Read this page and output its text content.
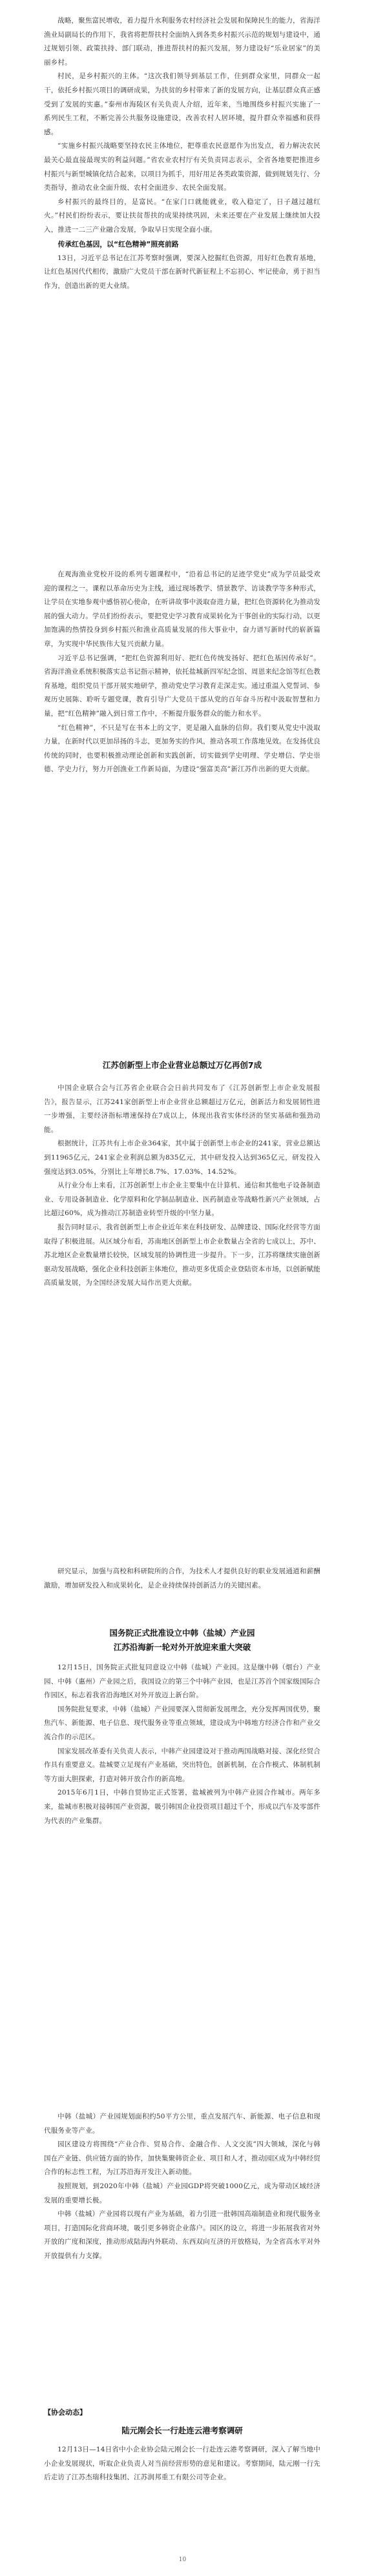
战略，聚焦富民增收，着力提升水利服务农村经济社会发展和保障民生的能力，省海洋渔业局副局长的作用下，我省将把帮扶村全面纳入到各类乡村振兴示范的规划与建设中，通过规划引领、政策扶持、部门联动，推进帮扶村的振兴发展，努力建设好“乐业居家”的美丽乡村。

村民，是乡村振兴的主体。“这次我们领导到基层工作，住到群众家里，同群众一起干，依托乡村振兴项目的调研成果，为扶贫的乡村带来了新的发展方向，让基层群众真正感受到了发展的实惠。”泰州市海陵区有关负责人介绍，近年来，当地围绕乡村振兴实施了一系列民生工程，不断完善公共服务设施建设，改善农村人居环境，提升群众幸福感和获得感。

“实施乡村振兴战略要坚持农民主体地位，把尊重农民意愿作为出发点，着力解决农民最关心最直接最现实的利益问题。”省农业农村厅有关负责同志表示，全省各地要把推进乡村振兴与新型城镇化结合起来，以项目为抓手，用好用足各类政策资源，做到规划先行、分类指导，推动农业全面升级、农村全面进步、农民全面发展。

乡村振兴的最终目的，是富民。“在家门口就能就业，收入稳定了，日子越过越红火。”村民们纷纷表示，要让扶贫帮扶的成果持续巩固，未来还要在产业发展上继续加大投入，推进一二三产业融合发展，争取早日实现全面小康。

传承红色基因，以“红色精神”照亮前路

13日，习近平总书记在江苏考察时强调，要深入挖掘红色资源，用好红色教育基地，让红色基因代代相传，激励广大党员干部在新时代新征程上不忘初心、牢记使命，勇于担当作为，创造出新的更大业绩。

在观海渔业党校开设的系列专题课程中，“沿着总书记的足迹学党史”成为学员最受欢迎的课程之一。课程以革命历史为主线，通过现场教学、情景教学、访谈教学等多种形式，让学员在实地参观中感悟初心使命，在听讲故事中汲取奋进力量，把红色资源转化为推动发展的强大动力。学员们纷纷表示，要把党史学习教育成果转化为干事创业的实际行动，以更加饱满的热情投身到乡村振兴和渔业高质量发展的伟大事业中，奋力谱写新时代的崭新篇章，为实现中华民族伟大复兴贡献力量。

习近平总书记强调，“把红色资源利用好、把红色传统发扬好、把红色基因传承好”。省海洋渔业系统积极落实总书记指示精神，依托盐城新四军纪念馆、周恩来纪念馆等红色教育基地，组织党员干部开展实地研学，推动党史学习教育走深走实。通过重温入党誓词、参观历史展陈、聆听专题党课，教育引导广大党员干部从党的百年奋斗历程中汲取智慧和力量，把“红色精神”融入到日常工作中，不断提升服务群众的能力和水平。

“红色精神”，不只是写在书本上的文字，更是融入血脉的信仰。我们要从党史中汲取力量，在新时代以更加昂扬的斗志，更加务实的作风，推动各项工作落地见效。在发扬优良传统的同时，也要积极推动理论创新和实践创新，切实做到学史明理、学史增信、学史崇德、学史力行，努力开创渔业工作新局面，为建设“强富美高”新江苏作出新的更大贡献。

江苏创新型上市企业营业总额过万亿再创7成

中国企业联合会与江苏省企业联合会日前共同发布了《江苏创新型上市企业发展报告》，报告显示，江苏241家创新型上市企业营业总额超过万亿元，创新活力和发展韧性进一步增强，主要经济指标增速保持在7成以上，体现出我省实体经济的坚实基础和强劲动能。

根据统计，江苏共有上市企业364家，其中属于创新型上市企业的241家，营业总额达到11965亿元，241家企业利润总额为835亿元，其中研发投入达到365亿元，研发投入强度达到3.05%，分别比上年增长8.7%、17.03%、14.52%。

从行业分布上来看，江苏创新型上市企业主要集中在计算机、通信和其他电子设备制造业、专用设备制造业、化学原料和化学制品制造业、医药制造业等战略性新兴产业领域，占比超过60%，成为推动江苏制造业转型升级的中坚力量。

报告同时显示，我省创新型上市企业近年来在科技研发、品牌建设、国际化经营等方面取得了积极进展。从区域分布看，苏南地区创新型上市企业数量占全省的七成以上，苏中、苏北地区企业数量增长较快，区域发展的协调性进一步提升。下一步，江苏将继续实施创新驱动发展战略，强化企业科技创新主体地位，推动更多优质企业登陆资本市场，以创新赋能高质量发展，为全国经济发展大局作出更大贡献。

研究显示，加强与高校和科研院所的合作，为技术人才提供良好的职业发展通道和薪酬激励，增加研发投入和成果转化，是企业持续保持创新活力的关键因素。

国务院正式批准设立中韩（盐城）产业园
江苏沿海新一轮对外开放迎来重大突破

12月15日，国务院正式批复同意设立中韩（盐城）产业园。这是继中韩（烟台）产业园、中韩（惠州）产业园之后，我国设立的第三个中韩产业园，也是江苏首个国家级国际合作园区，标志着我省沿海地区对外开放迈上新台阶。

国务院批复要求，中韩（盐城）产业园要深入贯彻新发展理念，充分发挥两国优势，聚焦汽车、新能源、电子信息、现代服务业等重点领域，建设成为中韩地方经济合作和产业交流合作的示范区。

国家发展改革委有关负责人表示，中韩产业园建设对于推动两国战略对接、深化经贸合作具有重要意义。盐城要立足现有产业基础，突出特色，创新机制，在合作模式、体制机制等方面大胆探索，打造对韩开放合作的新高地。

2015年6月1日，中韩自贸协定正式签署，盐城被列为中韩产业园合作城市。两年多来，盐城市积极对接韩国产业资源，吸引韩国企业投资项目超过千个，形成以汽车及零部件为代表的产业集群。

中韩（盐城）产业园规划面积约50平方公里，重点发展汽车、新能源、电子信息和现代服务业等产业。

园区建设方将围绕“产业合作、贸易合作、金融合作、人文交流”四大领域，深化与韩国在产业链、供应链方面的协作，加快集聚韩资企业、项目和人才，推动园区成为中韩经贸合作的标志性工程，为江苏沿海开发注入新动能。

按照规划，到2020年中韩（盐城）产业园GDP将突破1000亿元，成为带动区域经济发展的重要增长极。

中韩（盐城）产业园将以现有产业为基础，着力引进一批韩国高端制造业和现代服务业项目，打造国际化营商环境，吸引更多韩资企业落户。园区的设立，将进一步拓展我省对外开放的广度和深度，推动形成陆海内外联动、东西双向互济的开放格局，为全省高水平对外开放提供有力支撑。

【协会动态】
陆元刚会长一行赴连云港考察调研

12月13日—14日省中小企业协会陆元刚会长一行赴连云港考察调研，深入了解当地中小企业发展现状，听取企业负责人对当前经营形势的意见和建议。考察期间，陆元刚一行先后走访了江苏杰瑞科技集团、江苏润邦重工有限公司等企业。

10
